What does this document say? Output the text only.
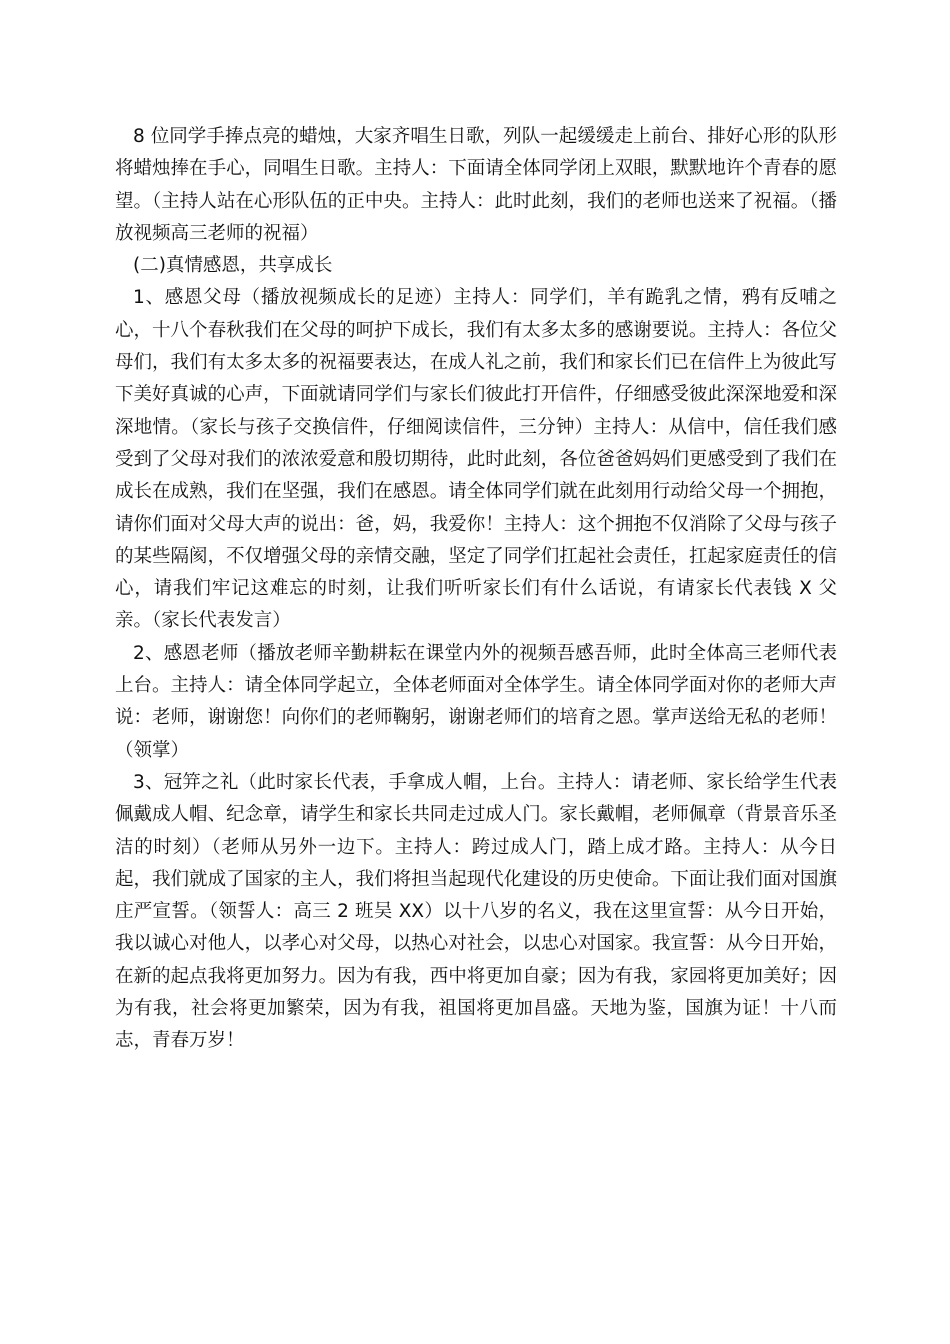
8 位同学手捧点亮的蜡烛，大家齐唱生日歌，列队一起缓缓走上前台、排好心形的队形将蜡烛捧在手心，同唱生日歌。主持人：下面请全体同学闭上双眼，默默地许个青春的愿望。（主持人站在心形队伍的正中央。主持人：此时此刻，我们的老师也送来了祝福。（播放视频高三老师的祝福）

(二)真情感恩，共享成长

1、感恩父母（播放视频成长的足迹）主持人：同学们，羊有跪乳之情，鸦有反哺之心，十八个春秋我们在父母的呵护下成长，我们有太多太多的感谢要说。主持人：各位父母们，我们有太多太多的祝福要表达，在成人礼之前，我们和家长们已在信件上为彼此写下美好真诚的心声，下面就请同学们与家长们彼此打开信件，仔细感受彼此深深地爱和深深地情。（家长与孩子交换信件，仔细阅读信件，三分钟）主持人：从信中，信任我们感受到了父母对我们的浓浓爱意和殷切期待，此时此刻，各位爸爸妈妈们更感受到了我们在成长在成熟，我们在坚强，我们在感恩。请全体同学们就在此刻用行动给父母一个拥抱，请你们面对父母大声的说出：爸，妈，我爱你！主持人：这个拥抱不仅消除了父母与孩子的某些隔阂，不仅增强父母的亲情交融，坚定了同学们扛起社会责任，扛起家庭责任的信心，请我们牢记这难忘的时刻，让我们听听家长们有什么话说，有请家长代表钱 X 父亲。（家长代表发言）

2、感恩老师（播放老师辛勤耕耘在课堂内外的视频吾感吾师，此时全体高三老师代表上台。主持人：请全体同学起立，全体老师面对全体学生。请全体同学面对你的老师大声说：老师，谢谢您！向你们的老师鞠躬，谢谢老师们的培育之恩。掌声送给无私的老师！（领掌）

3、冠笄之礼（此时家长代表，手拿成人帽，上台。主持人：请老师、家长给学生代表佩戴成人帽、纪念章，请学生和家长共同走过成人门。家长戴帽，老师佩章（背景音乐圣洁的时刻）（老师从另外一边下。主持人：跨过成人门，踏上成才路。主持人：从今日起，我们就成了国家的主人，我们将担当起现代化建设的历史使命。下面让我们面对国旗庄严宣誓。（领誓人：高三 2 班吴 XX）以十八岁的名义，我在这里宣誓：从今日开始，我以诚心对他人，以孝心对父母，以热心对社会，以忠心对国家。我宣誓：从今日开始，在新的起点我将更加努力。因为有我，西中将更加自豪；因为有我，家园将更加美好；因为有我，社会将更加繁荣，因为有我，祖国将更加昌盛。天地为鉴，国旗为证！十八而志，青春万岁！
